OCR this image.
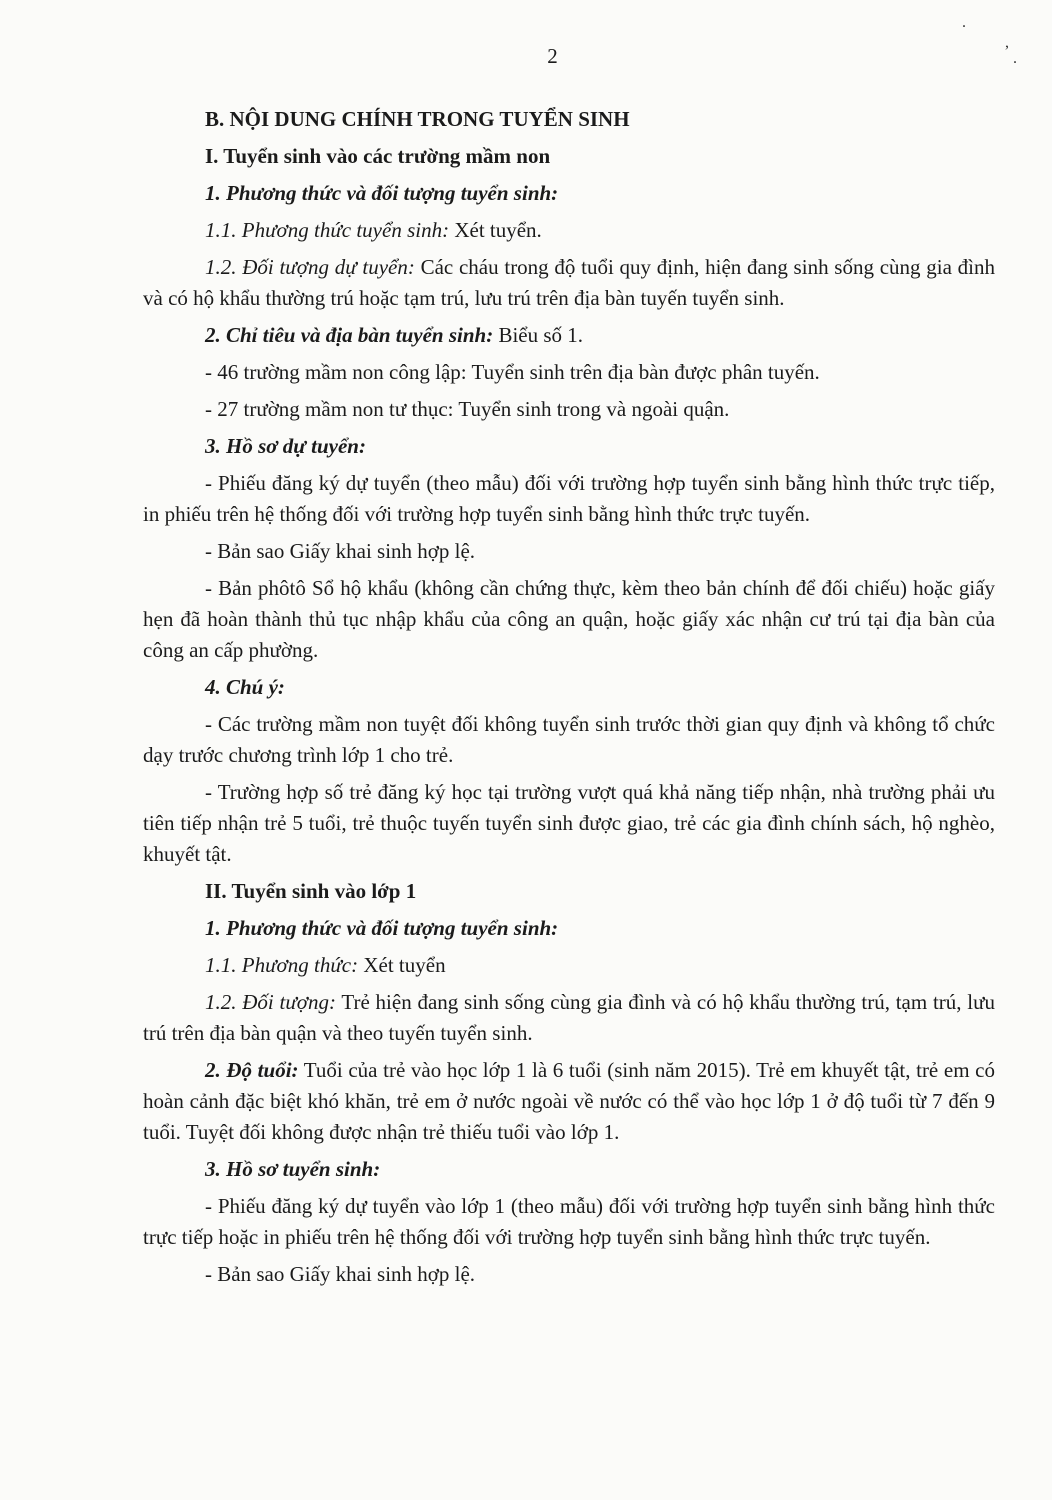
2
.
,
.
B. NỘI DUNG CHÍNH TRONG TUYỂN SINH
I. Tuyển sinh vào các trường mầm non
1. Phương thức và đối tượng tuyển sinh:
1.1. Phương thức tuyển sinh: Xét tuyển.
1.2. Đối tượng dự tuyển: Các cháu trong độ tuổi quy định, hiện đang sinh sống cùng gia đình và có hộ khẩu thường trú hoặc tạm trú, lưu trú trên địa bàn tuyến tuyển sinh.
2. Chỉ tiêu và địa bàn tuyển sinh: Biểu số 1.
- 46 trường mầm non công lập: Tuyển sinh trên địa bàn được phân tuyến.
- 27 trường mầm non tư thục: Tuyển sinh trong và ngoài quận.
3. Hồ sơ dự tuyển:
- Phiếu đăng ký dự tuyển (theo mẫu) đối với trường hợp tuyển sinh bằng hình thức trực tiếp, in phiếu trên hệ thống đối với trường hợp tuyển sinh bằng hình thức trực tuyến.
- Bản sao Giấy khai sinh hợp lệ.
- Bản phôtô Sổ hộ khẩu (không cần chứng thực, kèm theo bản chính để đối chiếu) hoặc giấy hẹn đã hoàn thành thủ tục nhập khẩu của công an quận, hoặc giấy xác nhận cư trú tại địa bàn của công an cấp phường.
4. Chú ý:
- Các trường mầm non tuyệt đối không tuyển sinh trước thời gian quy định và không tổ chức dạy trước chương trình lớp 1 cho trẻ.
- Trường hợp số trẻ đăng ký học tại trường vượt quá khả năng tiếp nhận, nhà trường phải ưu tiên tiếp nhận trẻ 5 tuổi, trẻ thuộc tuyến tuyển sinh được giao, trẻ các gia đình chính sách, hộ nghèo, khuyết tật.
II. Tuyển sinh vào lớp 1
1. Phương thức và đối tượng tuyển sinh:
1.1. Phương thức: Xét tuyển
1.2. Đối tượng: Trẻ hiện đang sinh sống cùng gia đình và có hộ khẩu thường trú, tạm trú, lưu trú trên địa bàn quận và theo tuyến tuyển sinh.
2. Độ tuổi: Tuổi của trẻ vào học lớp 1 là 6 tuổi (sinh năm 2015). Trẻ em khuyết tật, trẻ em có hoàn cảnh đặc biệt khó khăn, trẻ em ở nước ngoài về nước có thể vào học lớp 1 ở độ tuổi từ 7 đến 9 tuổi. Tuyệt đối không được nhận trẻ thiếu tuổi vào lớp 1.
3. Hồ sơ tuyển sinh:
- Phiếu đăng ký dự tuyển vào lớp 1 (theo mẫu) đối với trường hợp tuyển sinh bằng hình thức trực tiếp hoặc in phiếu trên hệ thống đối với trường hợp tuyển sinh bằng hình thức trực tuyến.
- Bản sao Giấy khai sinh hợp lệ.
